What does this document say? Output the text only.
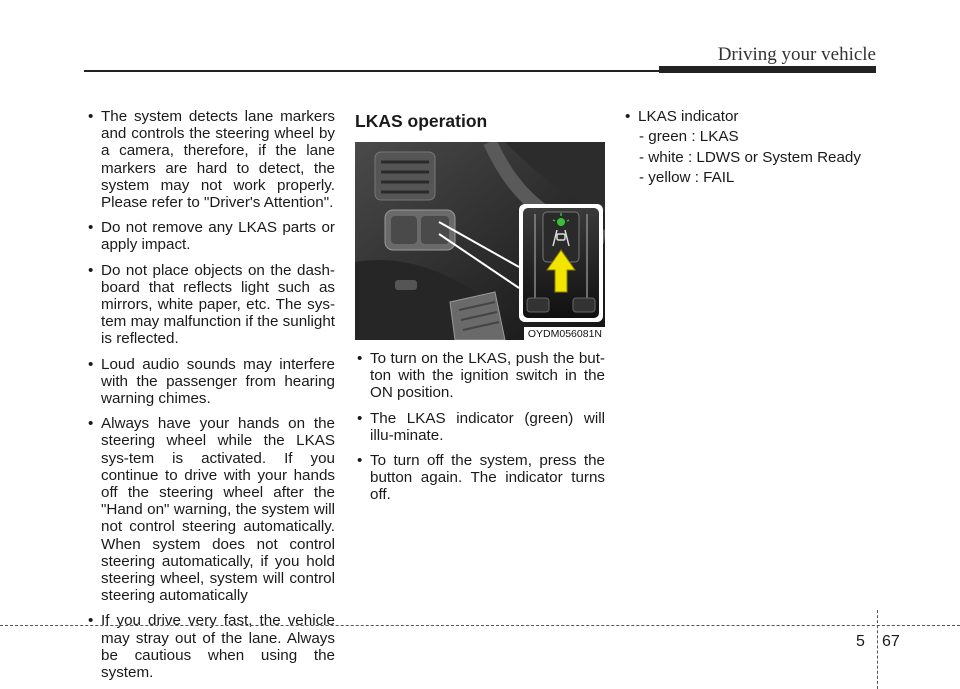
Driving your vehicle
• The system detects lane markers and controls the steering wheel by a camera, therefore, if the lane markers are hard to detect, the system may not work properly. Please refer to "Driver's Attention".
• Do not remove any LKAS parts or apply impact.
• Do not place objects on the dash-board that reflects light such as mirrors, white paper, etc. The sys-tem may malfunction if the sunlight is reflected.
• Loud audio sounds may interfere with the passenger from hearing warning chimes.
• Always have your hands on the steering wheel while the LKAS sys-tem is activated. If you continue to drive with your hands off the steering wheel after the "Hand on" warning, the system will not control steering automatically. When system does not control steering automatically, if you hold steering wheel, system will control steering automatically
• If you drive very fast, the vehicle may stray out of the lane. Always be cautious when using the system.
LKAS operation
OYDM056081N
• To turn on the LKAS, push the but-ton with the ignition switch in the ON position.
• The LKAS indicator (green) will illu-minate.
• To turn off the system, press the button again. The indicator turns off.
• LKAS indicator
- green : LKAS
- white : LDWS or System Ready
- yellow : FAIL
5 67
